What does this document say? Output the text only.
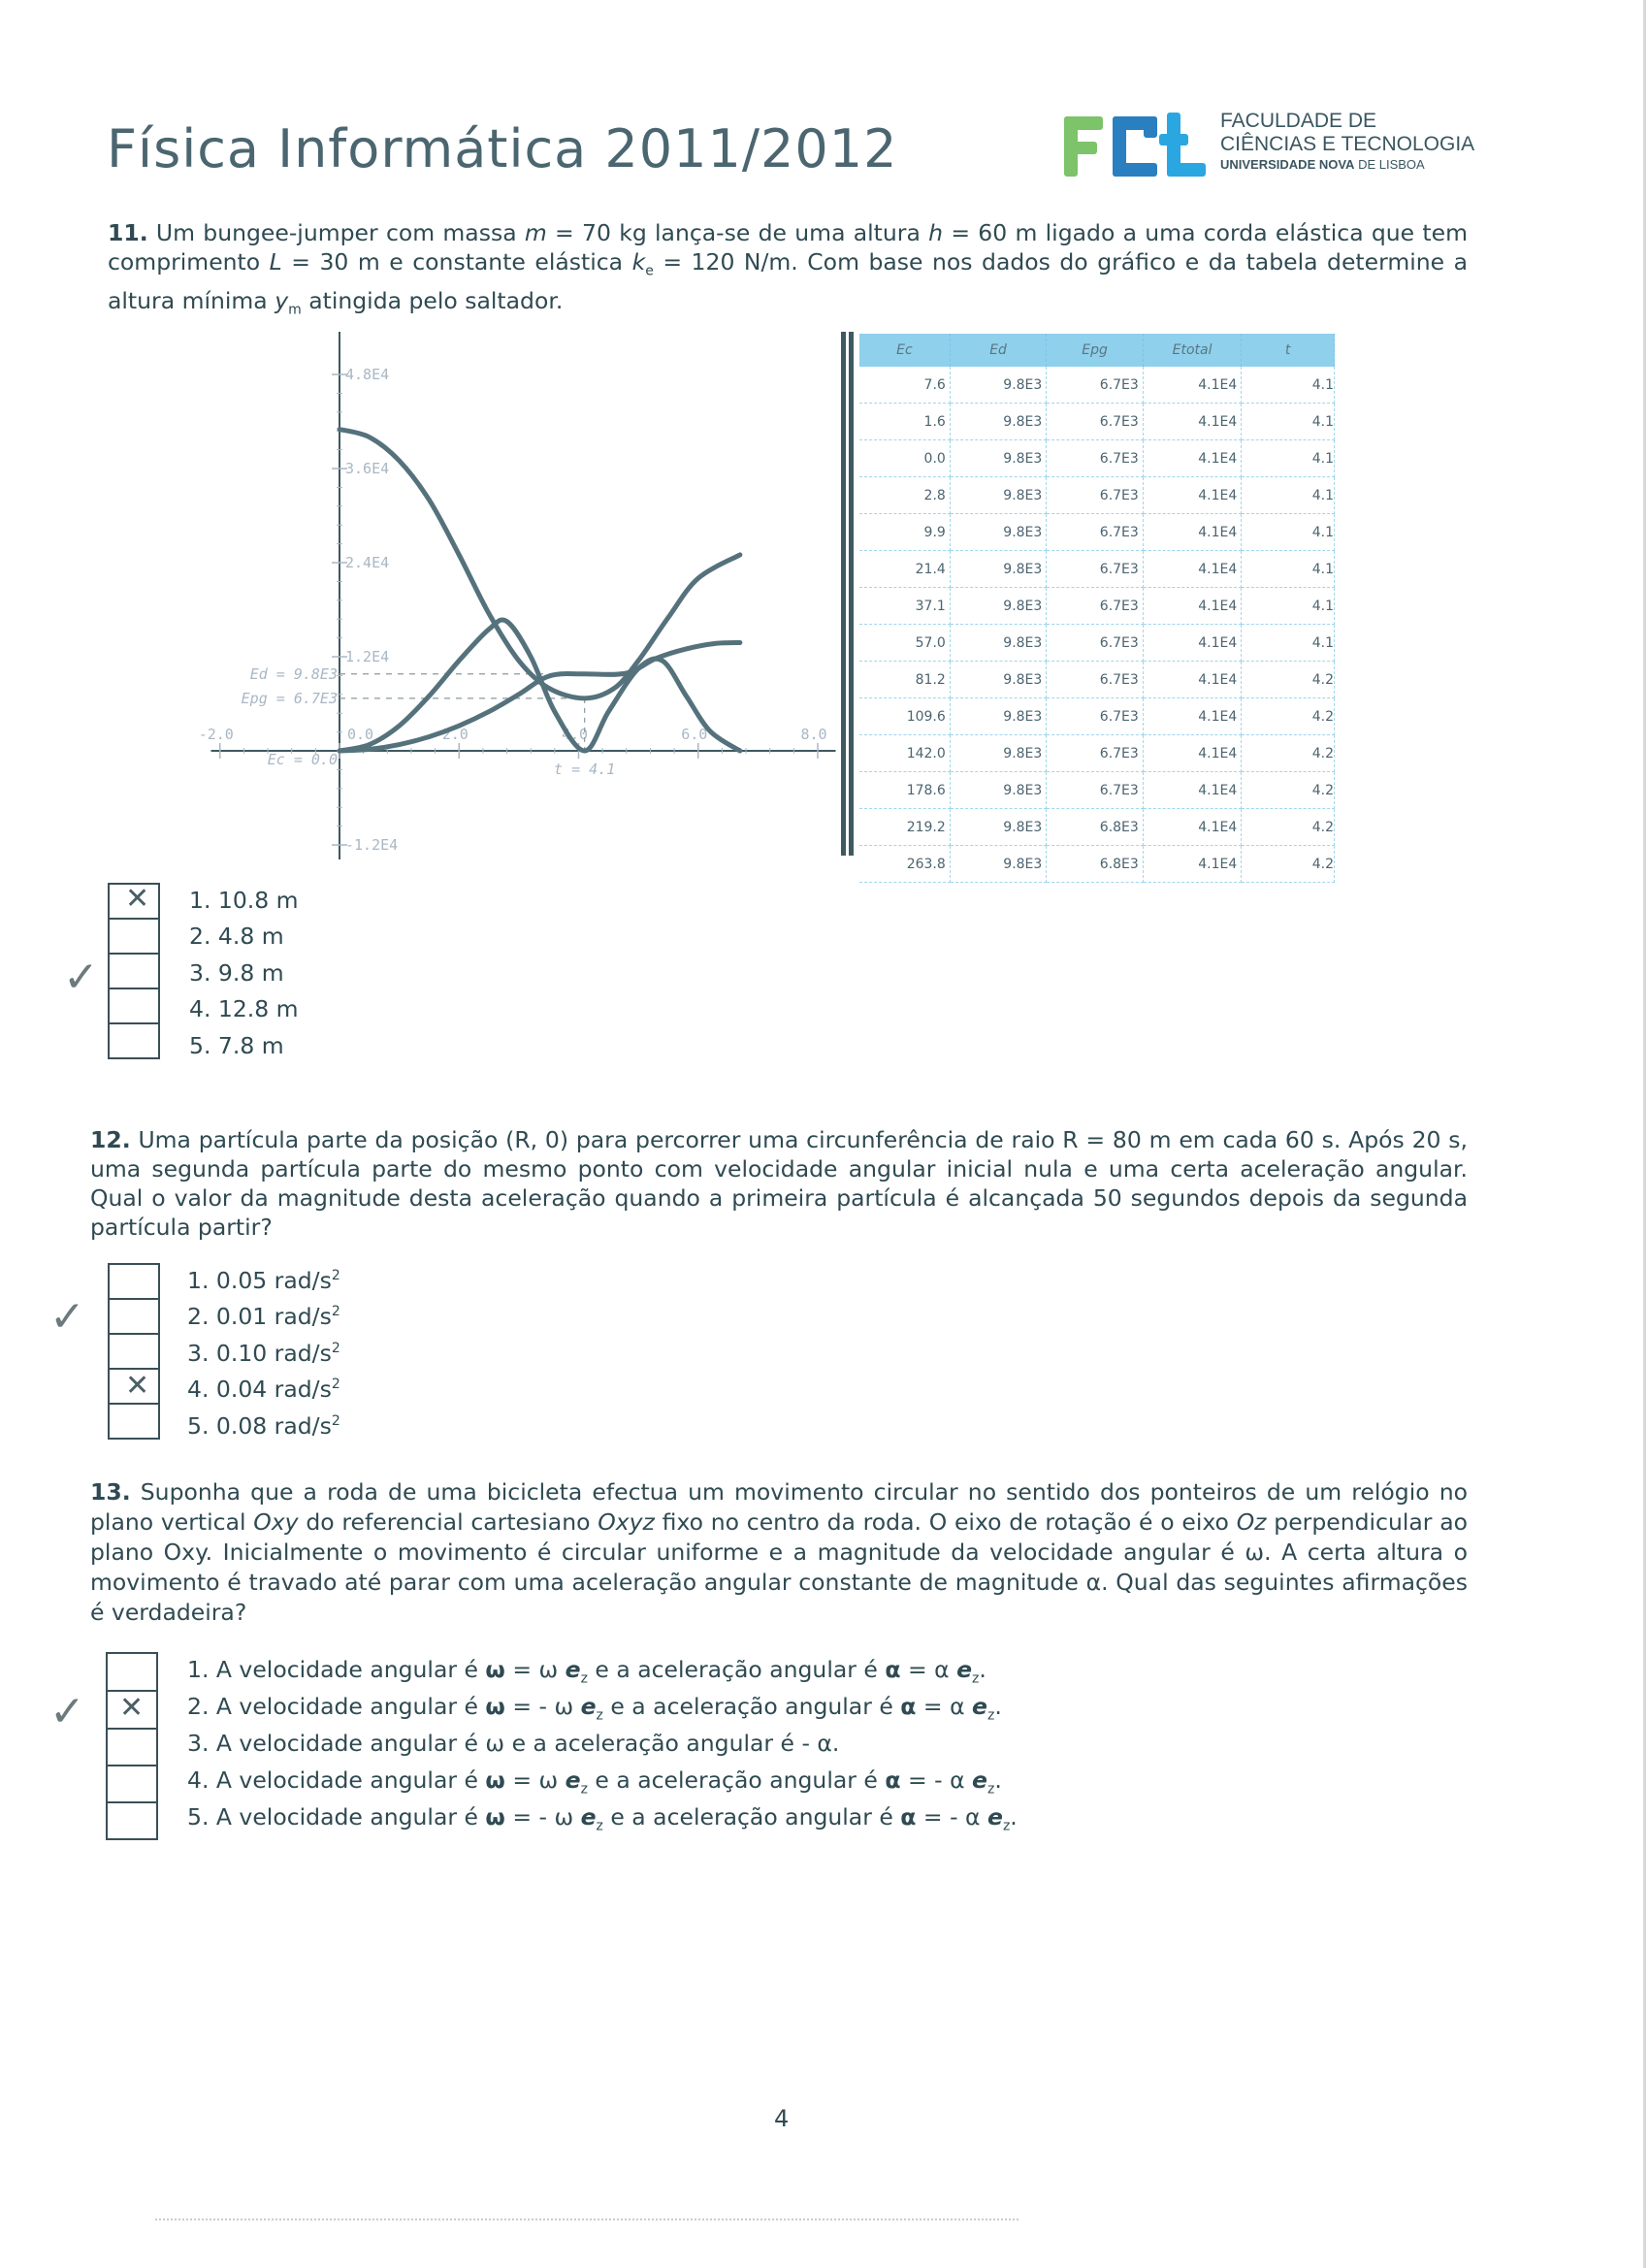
Física Informática 2011/2012	FACULDADE DE
CIÊNCIAS E TECNOLOGIA
UNIVERSIDADE NOVA DE LISBOA
11. Um bungee-jumper com massa m = 70 kg lança-se de uma altura h = 60 m ligado a uma corda elástica que tem comprimento L = 30 m e constante elástica $k_e = 120$ N/m. Com base nos dados do gráfico e da tabela determine a altura mínima $y_m$ atingida pelo saltador.
-2.0	0.0	2.0	4.0	6.0	8.0
4.8E4
3.6E4
2.4E4
1.2E4
-1.2E4
Ed = 9.8E3
Epg = 6.7E3
Ec = 0.0
t = 4.1
Ec	Ed	Epg	Etotal	t
7.6	9.8E3	6.7E3	4.1E4	4.1
1.6	9.8E3	6.7E3	4.1E4	4.1
0.0	9.8E3	6.7E3	4.1E4	4.1
2.8	9.8E3	6.7E3	4.1E4	4.1
9.9	9.8E3	6.7E3	4.1E4	4.1
21.4	9.8E3	6.7E3	4.1E4	4.1
37.1	9.8E3	6.7E3	4.1E4	4.1
57.0	9.8E3	6.7E3	4.1E4	4.1
81.2	9.8E3	6.7E3	4.1E4	4.2
109.6	9.8E3	6.7E3	4.1E4	4.2
142.0	9.8E3	6.7E3	4.1E4	4.2
178.6	9.8E3	6.7E3	4.1E4	4.2
219.2	9.8E3	6.8E3	4.1E4	4.2
263.8	9.8E3	6.8E3	4.1E4	4.2
✕
✓
1. 10.8 m
2. 4.8 m
3. 9.8 m
4. 12.8 m
5. 7.8 m
12. Uma partícula parte da posição (R, 0) para percorrer uma circunferência de raio R = 80 m em cada 60 s. Após 20 s, uma segunda partícula parte do mesmo ponto com velocidade angular inicial nula e uma certa aceleração angular. Qual o valor da magnitude desta aceleração quando a primeira partícula é alcançada 50 segundos depois da segunda partícula partir?
✕
✓
1. 0.05 rad/$s^2$
2. 0.01 rad/$s^2$
3. 0.10 rad/$s^2$
4. 0.04 rad/$s^2$
5. 0.08 rad/$s^2$
13. Suponha que a roda de uma bicicleta efectua um movimento circular no sentido dos ponteiros de um relógio no plano vertical Oxy do referencial cartesiano Oxyz fixo no centro da roda. O eixo de rotação é o eixo Oz perpendicular ao plano Oxy. Inicialmente o movimento é circular uniforme e a magnitude da velocidade angular é ω. A certa altura o movimento é travado até parar com uma aceleração angular constante de magnitude α. Qual das seguintes afirmações é verdadeira?
✕
✓
1. A velocidade angular é ω = ω $e_z$ e a aceleração angular é α = α $e_z$.
2. A velocidade angular é ω = - ω $e_z$ e a aceleração angular é α = α $e_z$.
3. A velocidade angular é ω e a aceleração angular é - α.
4. A velocidade angular é ω = ω $e_z$ e a aceleração angular é α = - α $e_z$.
5. A velocidade angular é ω = - ω $e_z$ e a aceleração angular é α = - α $e_z$.
4
